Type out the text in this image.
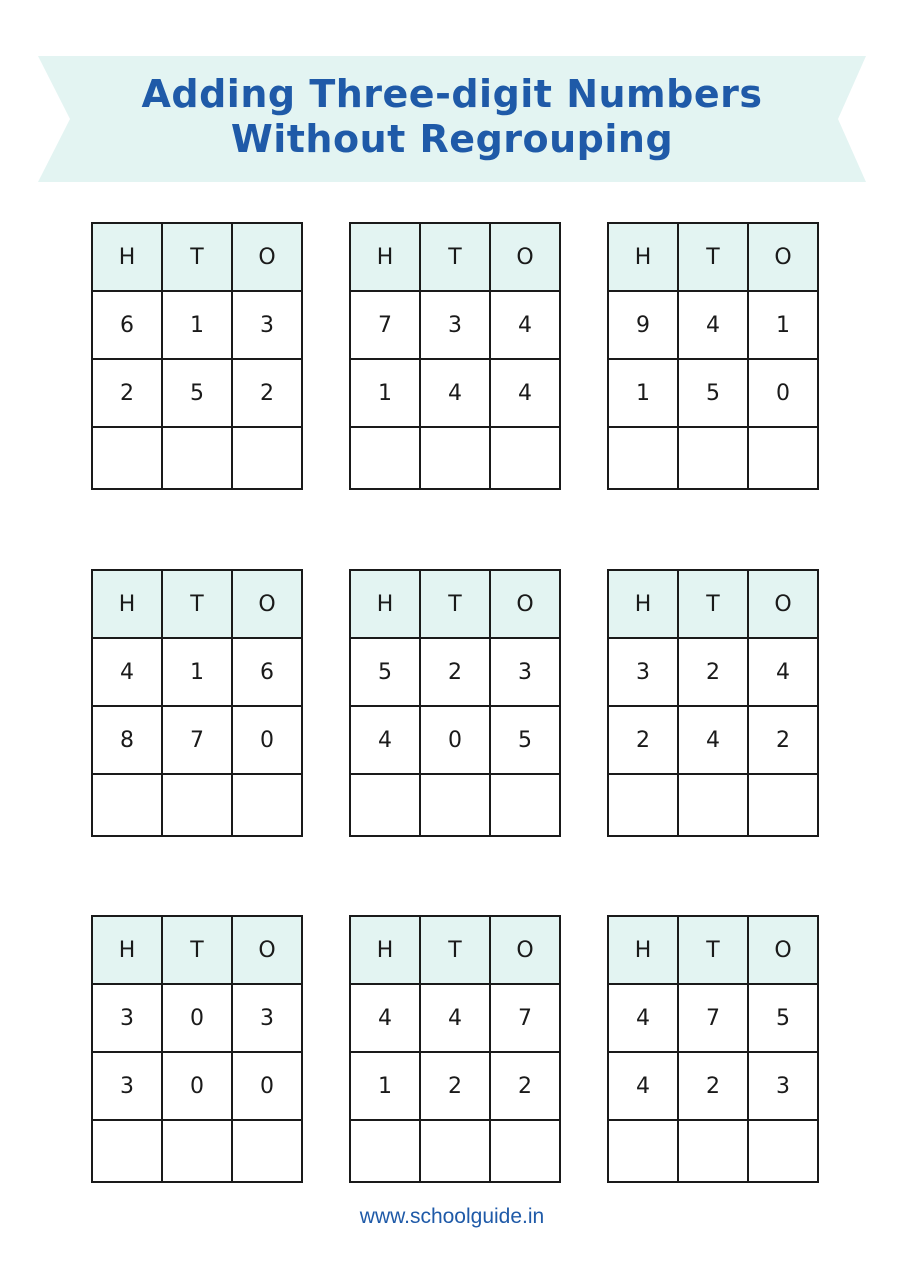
Adding Three-digit Numbers
Without Regrouping
H	T	O
6	1	3
2	5	2

H	T	O
7	3	4
1	4	4

H	T	O
9	4	1
1	5	0

H	T	O
4	1	6
8	7	0

H	T	O
5	2	3
4	0	5

H	T	O
3	2	4
2	4	2

H	T	O
3	0	3
3	0	0

H	T	O
4	4	7
1	2	2

H	T	O
4	7	5
4	2	3

www.schoolguide.in
